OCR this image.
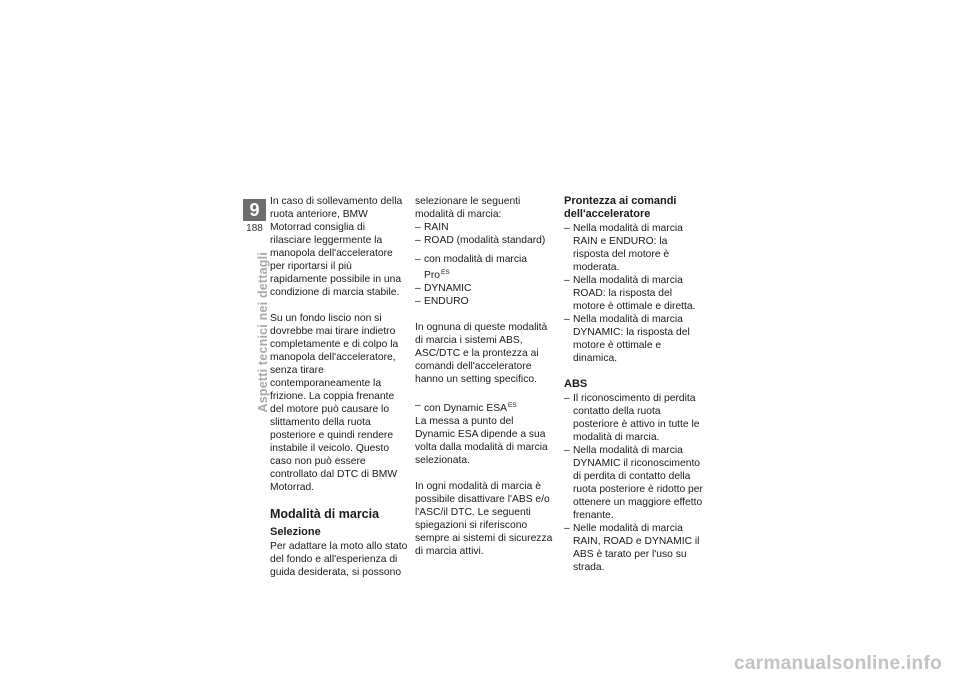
9
188
Aspetti tecnici nei dettagli

In caso di sollevamento della ruota anteriore, BMW Motorrad consiglia di rilasciare leggermente la manopola dell'acceleratore per riportarsi il più rapidamente possibile in una condizione di marcia stabile.

Su un fondo liscio non si dovrebbe mai tirare indietro completamente e di colpo la manopola dell'acceleratore, senza tirare contemporaneamente la frizione. La coppia frenante del motore può causare lo slittamento della ruota posteriore e quindi rendere instabile il veicolo. Questo caso non può essere controllato dal DTC di BMW Motorrad.

Modalità di marcia
Selezione

Per adattare la moto allo stato del fondo e all'esperienza di guida desiderata, si possono

selezionare le seguenti modalità di marcia:
– RAIN
– ROAD (modalità standard)
– con modalità di marcia Pro$^{ES}$
– DYNAMIC
– ENDURO

In ognuna di queste modalità di marcia i sistemi ABS, ASC/DTC e la prontezza ai comandi dell'acceleratore hanno un setting specifico.

– con Dynamic $ESA^{ES}$

La messa a punto del Dynamic ESA dipende a sua volta dalla modalità di marcia selezionata.

In ogni modalità di marcia è possibile disattivare l'ABS e/o l'ASC/il DTC. Le seguenti spiegazioni si riferiscono sempre ai sistemi di sicurezza di marcia attivi.

Prontezza ai comandi dell'acceleratore
– Nella modalità di marcia RAIN e ENDURO: la risposta del motore è moderata.
– Nella modalità di marcia ROAD: la risposta del motore è ottimale e diretta.
– Nella modalità di marcia DYNAMIC: la risposta del motore è ottimale e dinamica.
ABS
– Il riconoscimento di perdita contatto della ruota posteriore è attivo in tutte le modalità di marcia.
– Nella modalità di marcia DYNAMIC il riconoscimento di perdita di contatto della ruota posteriore è ridotto per ottenere un maggiore effetto frenante.
– Nelle modalità di marcia RAIN, ROAD e DYNAMIC il ABS è tarato per l'uso su strada.
carmanualsonline.info
